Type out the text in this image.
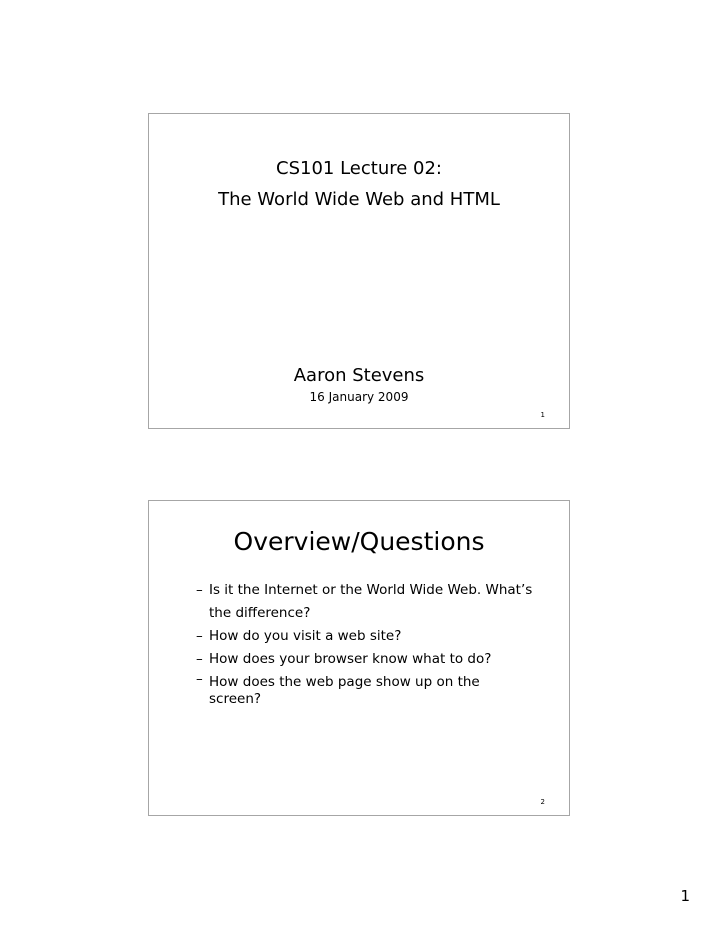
CS101 Lecture 02:
The World Wide Web and HTML
Aaron Stevens
16 January 2009
1
Overview/Questions
– Is it the Internet or the World Wide Web. What’s the difference?
– How do you visit a web site?
– How does your browser know what to do?
– How does the web page show up on the screen?
2
1
